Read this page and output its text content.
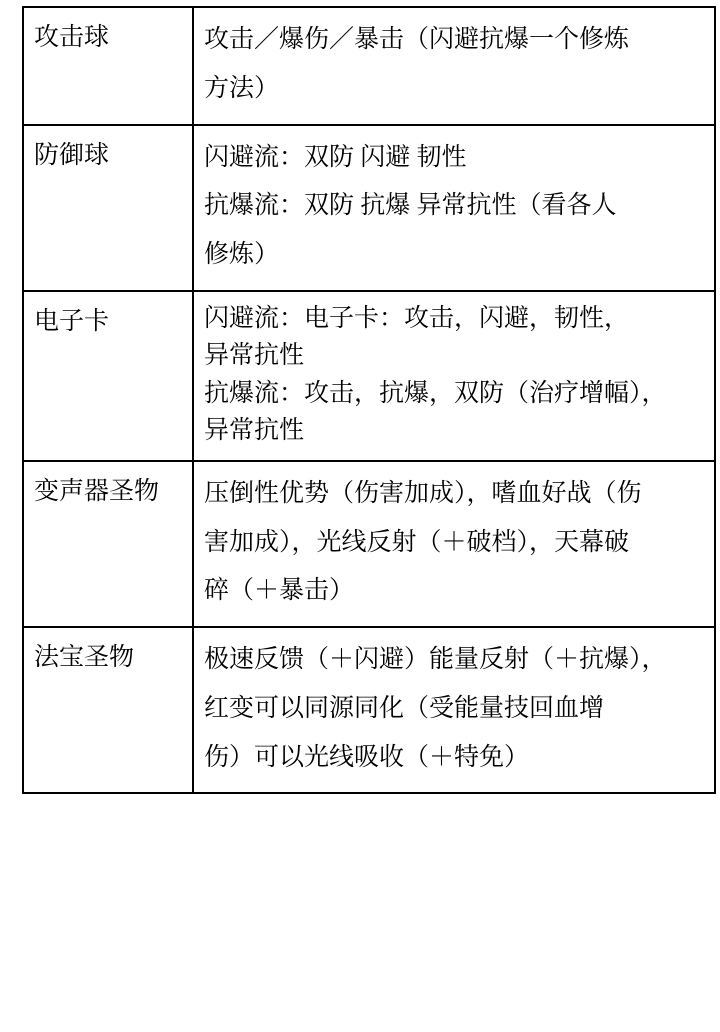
攻击球	攻击／爆伤／暴击（闪避抗爆一个修炼
方法）

防御球	闪避流：双防 闪避 韧性
抗爆流：双防 抗爆 异常抗性（看各人
修炼）

电子卡	闪避流：电子卡：攻击，闪避，韧性，
异常抗性
抗爆流：攻击，抗爆，双防（治疗增幅），
异常抗性

变声器圣物	压倒性优势（伤害加成），嗜血好战（伤
害加成），光线反射（＋破档），天幕破
碎（＋暴击）

法宝圣物	极速反馈（＋闪避）能量反射（＋抗爆），
红变可以同源同化（受能量技回血增
伤）可以光线吸收（＋特免）
